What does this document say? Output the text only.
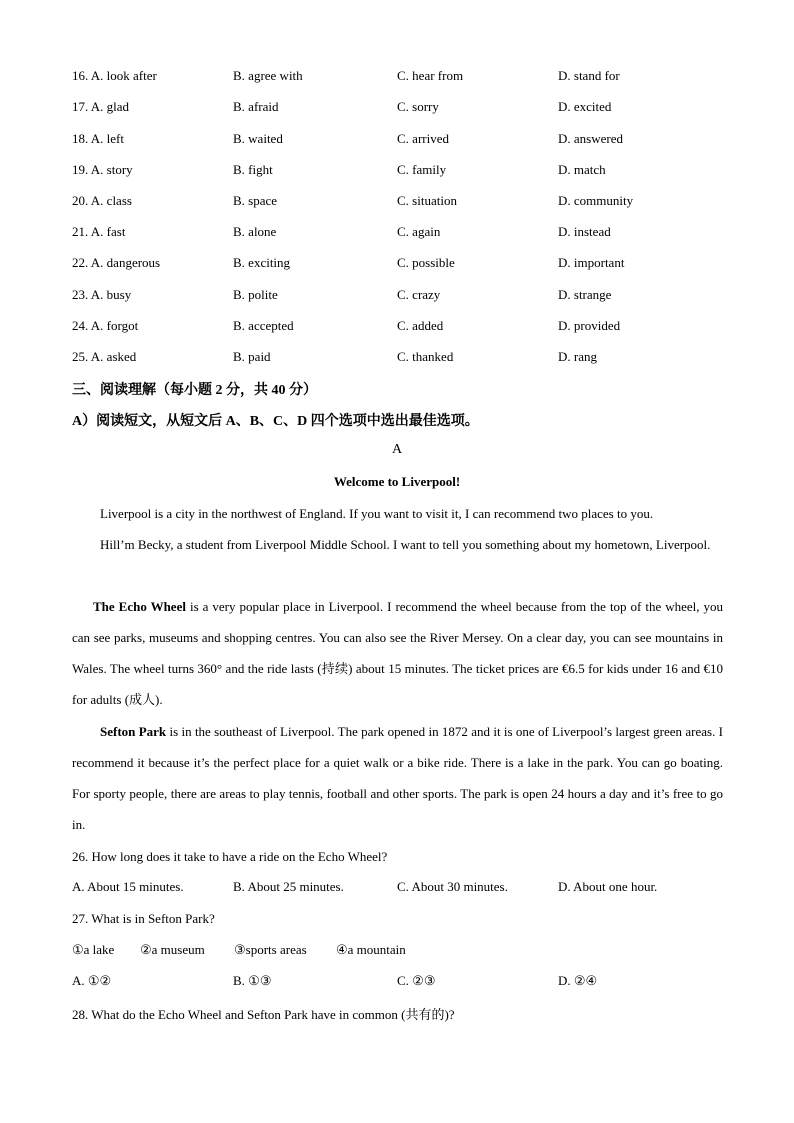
16. A. look after	B. agree with	C. hear from	D. stand for
17. A. glad	B. afraid	C. sorry	D. excited
18. A. left	B. waited	C. arrived	D. answered
19. A. story	B. fight	C. family	D. match
20. A. class	B. space	C. situation	D. community
21. A. fast	B. alone	C. again	D. instead
22. A. dangerous	B. exciting	C. possible	D. important
23. A. busy	B. polite	C. crazy	D. strange
24. A. forgot	B. accepted	C. added	D. provided
25. A. asked	B. paid	C. thanked	D. rang
三、阅读理解（每小题 2 分，共 40 分）
A）阅读短文，从短文后 A、B、C、D 四个选项中选出最佳选项。
A
Welcome to Liverpool!
Liverpool is a city in the northwest of England. If you want to visit it, I can recommend two places to you.
Hill’m Becky, a student from Liverpool Middle School. I want to tell you something about my hometown, Liverpool.
The Echo Wheel is a very popular place in Liverpool. I recommend the wheel because from the top of the wheel, you can see parks, museums and shopping centres. You can also see the River Mersey. On a clear day, you can see mountains in Wales. The wheel turns 360° and the ride lasts (持续) about 15 minutes. The ticket prices are €6.5 for kids under 16 and €10 for adults (成人).
Sefton Park is in the southeast of Liverpool. The park opened in 1872 and it is one of Liverpool’s largest green areas. I recommend it because it’s the perfect place for a quiet walk or a bike ride. There is a lake in the park. You can go boating. For sporty people, there are areas to play tennis, football and other sports. The park is open 24 hours a day and it’s free to go in.
26. How long does it take to have a ride on the Echo Wheel?
A. About 15 minutes.	B. About 25 minutes.	C. About 30 minutes.	D. About one hour.
27. What is in Sefton Park?
①a lake ②a museum ③sports areas ④a mountain
A. ①②	B. ①③	C. ②③	D. ②④
28. What do the Echo Wheel and Sefton Park have in common (共有的)?
